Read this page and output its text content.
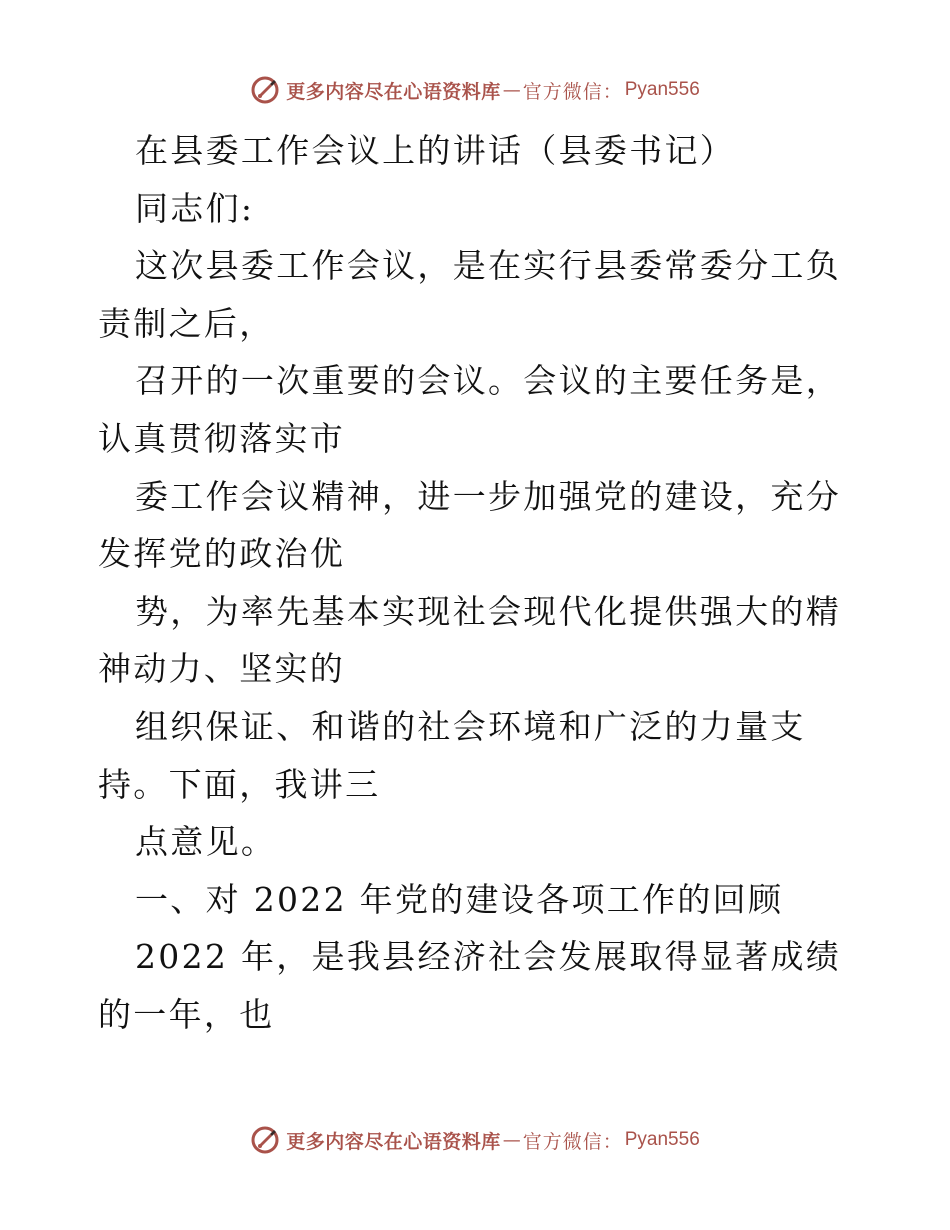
更多内容尽在心语资料库 — 官方微信： Pyan556

在县委工作会议上的讲话（县委书记）

同志们:

这次县委工作会议，是在实行县委常委分工负责制之后，

召开的一次重要的会议。会议的主要任务是，认真贯彻落实市

委工作会议精神，进一步加强党的建设，充分发挥党的政治优

势，为率先基本实现社会现代化提供强大的精神动力、坚实的

组织保证、和谐的社会环境和广泛的力量支持。下面，我讲三

点意见。

一、对 2022 年党的建设各项工作的回顾

2022 年，是我县经济社会发展取得显著成绩的一年，也

更多内容尽在心语资料库 — 官方微信： Pyan556
